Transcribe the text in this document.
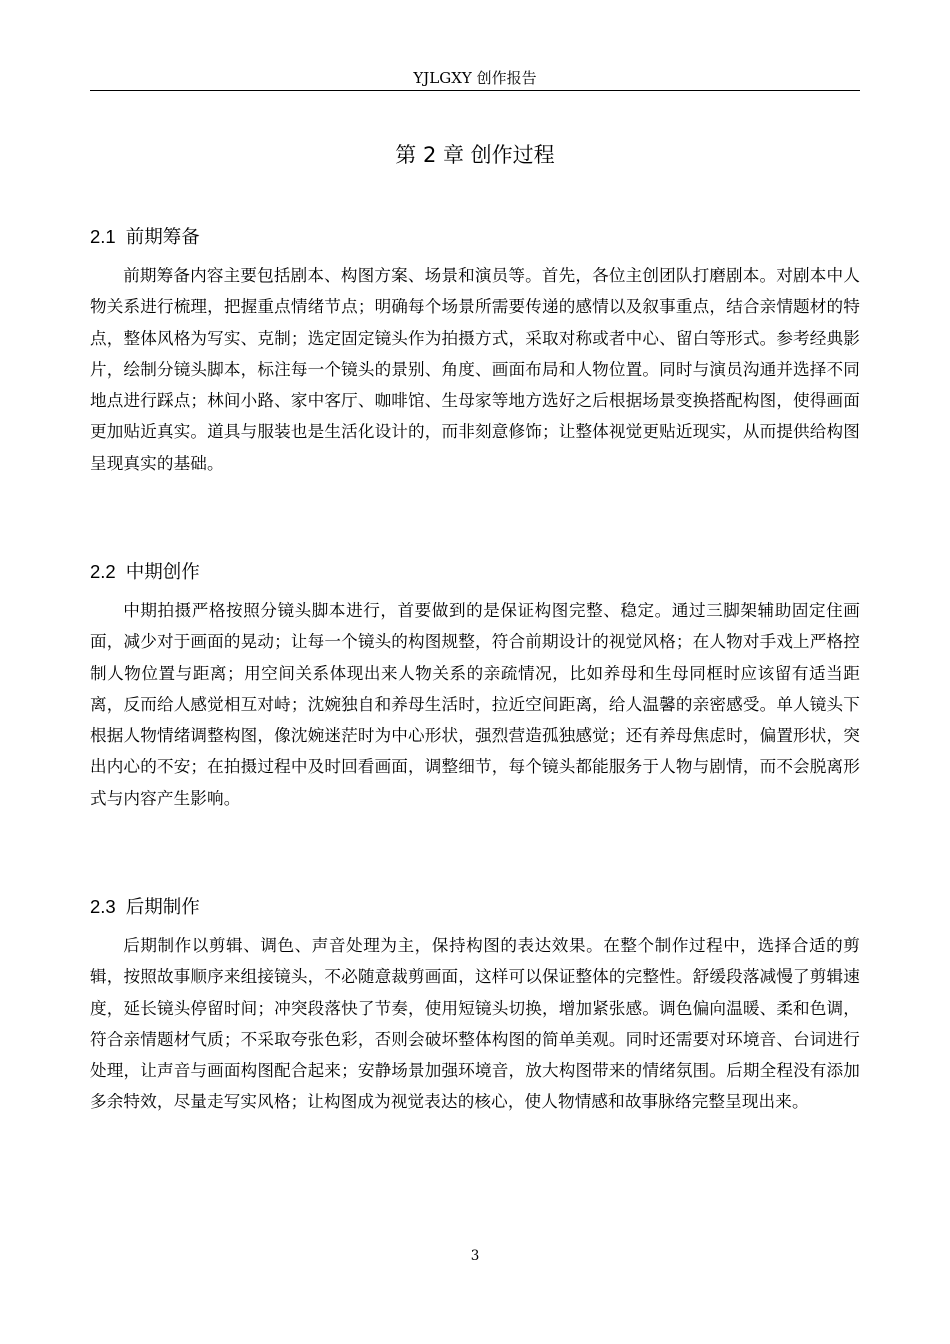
YJLGXY 创作报告
第 2 章 创作过程
2.1 前期筹备

前期筹备内容主要包括剧本、构图方案、场景和演员等。首先，各位主创团队打磨剧本。对剧本中人物关系进行梳理，把握重点情绪节点；明确每个场景所需要传递的感情以及叙事重点，结合亲情题材的特点，整体风格为写实、克制；选定固定镜头作为拍摄方式，采取对称或者中心、留白等形式。参考经典影片，绘制分镜头脚本，标注每一个镜头的景别、角度、画面布局和人物位置。同时与演员沟通并选择不同地点进行踩点；林间小路、家中客厅、咖啡馆、生母家等地方选好之后根据场景变换搭配构图，使得画面更加贴近真实。道具与服装也是生活化设计的，而非刻意修饰；让整体视觉更贴近现实，从而提供给构图呈现真实的基础。

2.2 中期创作

中期拍摄严格按照分镜头脚本进行，首要做到的是保证构图完整、稳定。通过三脚架辅助固定住画面，减少对于画面的晃动；让每一个镜头的构图规整，符合前期设计的视觉风格；在人物对手戏上严格控制人物位置与距离；用空间关系体现出来人物关系的亲疏情况，比如养母和生母同框时应该留有适当距离，反而给人感觉相互对峙；沈婉独自和养母生活时，拉近空间距离，给人温馨的亲密感受。单人镜头下根据人物情绪调整构图，像沈婉迷茫时为中心形状，强烈营造孤独感觉；还有养母焦虑时，偏置形状，突出内心的不安；在拍摄过程中及时回看画面，调整细节，每个镜头都能服务于人物与剧情，而不会脱离形式与内容产生影响。

2.3 后期制作

后期制作以剪辑、调色、声音处理为主，保持构图的表达效果。在整个制作过程中，选择合适的剪辑，按照故事顺序来组接镜头，不必随意裁剪画面，这样可以保证整体的完整性。舒缓段落减慢了剪辑速度，延长镜头停留时间；冲突段落快了节奏，使用短镜头切换，增加紧张感。调色偏向温暖、柔和色调，符合亲情题材气质；不采取夸张色彩，否则会破坏整体构图的简单美观。同时还需要对环境音、台词进行处理，让声音与画面构图配合起来；安静场景加强环境音，放大构图带来的情绪氛围。后期全程没有添加多余特效，尽量走写实风格；让构图成为视觉表达的核心，使人物情感和故事脉络完整呈现出来。

3
